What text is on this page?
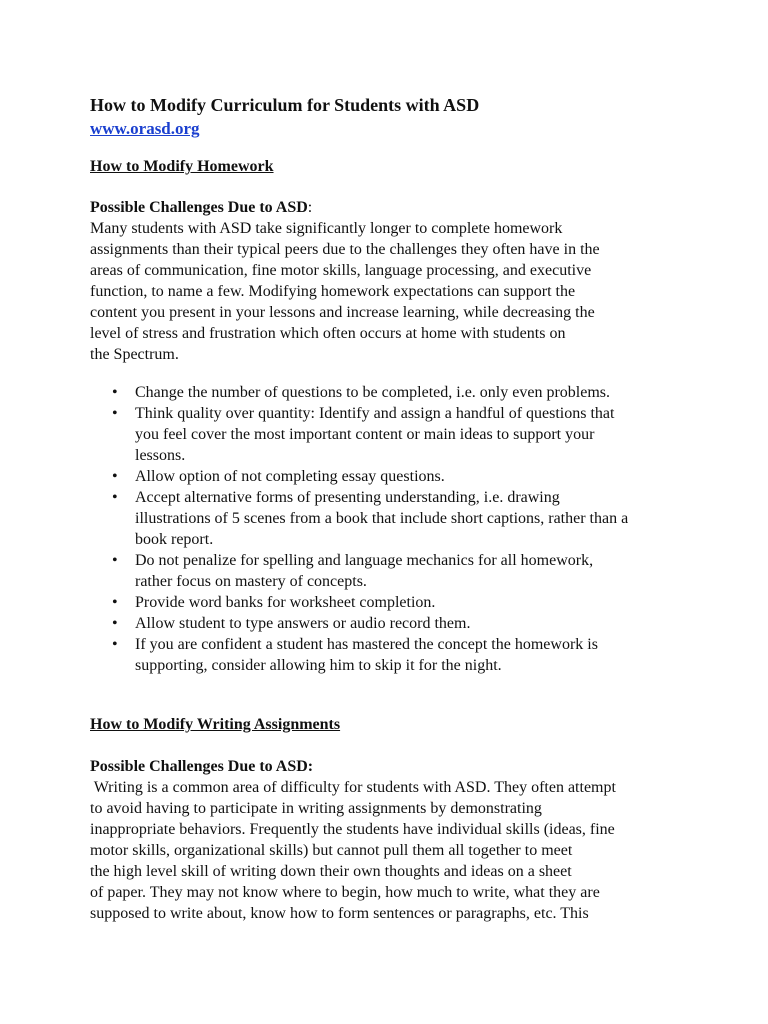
How to Modify Curriculum for Students with ASD
www.orasd.org
How to Modify Homework
Possible Challenges Due to ASD:
Many students with ASD take significantly longer to complete homework
assignments than their typical peers due to the challenges they often have in the
areas of communication, fine motor skills, language processing, and executive
function, to name a few. Modifying homework expectations can support the
content you present in your lessons and increase learning, while decreasing the
level of stress and frustration which often occurs at home with students on
the Spectrum.
• Change the number of questions to be completed, i.e. only even problems.
• Think quality over quantity: Identify and assign a handful of questions that
you feel cover the most important content or main ideas to support your
lessons.
• Allow option of not completing essay questions.
• Accept alternative forms of presenting understanding, i.e. drawing
illustrations of 5 scenes from a book that include short captions, rather than a
book report.
• Do not penalize for spelling and language mechanics for all homework,
rather focus on mastery of concepts.
• Provide word banks for worksheet completion.
• Allow student to type answers or audio record them.
• If you are confident a student has mastered the concept the homework is
supporting, consider allowing him to skip it for the night.
How to Modify Writing Assignments
Possible Challenges Due to ASD:
Writing is a common area of difficulty for students with ASD. They often attempt
to avoid having to participate in writing assignments by demonstrating
inappropriate behaviors. Frequently the students have individual skills (ideas, fine
motor skills, organizational skills) but cannot pull them all together to meet
the high level skill of writing down their own thoughts and ideas on a sheet
of paper. They may not know where to begin, how much to write, what they are
supposed to write about, know how to form sentences or paragraphs, etc. This
